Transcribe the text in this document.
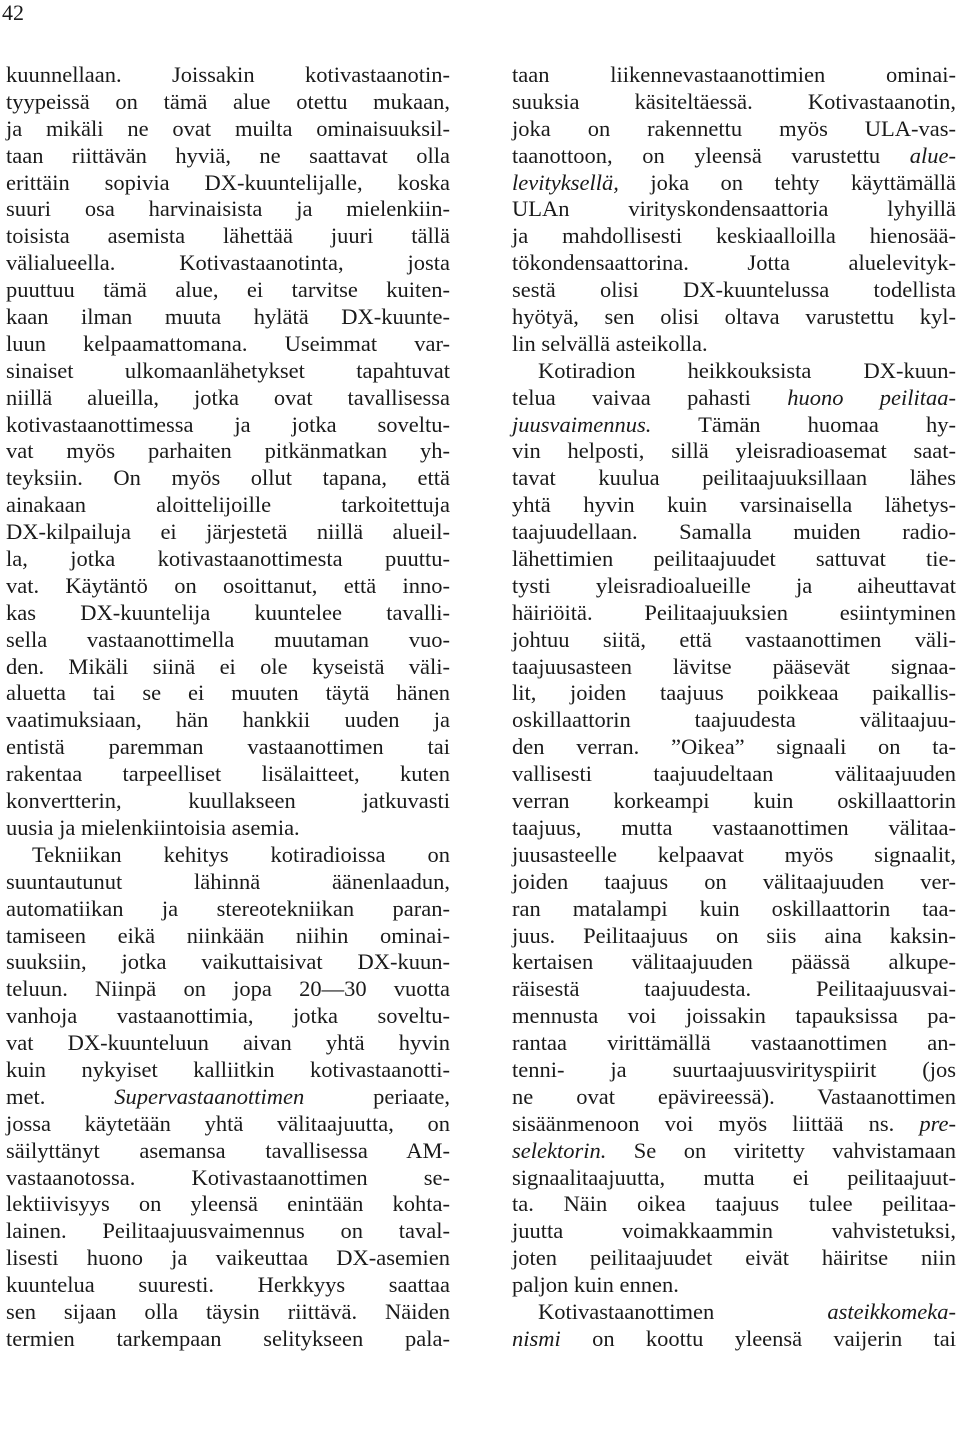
42
kuunnellaan. Joissakin kotivastaanotin-
tyypeissä on tämä alue otettu mukaan,
ja mikäli ne ovat muilta ominaisuuksil-
taan riittävän hyviä, ne saattavat olla
erittäin sopivia DX-kuuntelijalle, koska
suuri osa harvinaisista ja mielenkiin-
toisista asemista lähettää juuri tällä
välialueella. Kotivastaanotinta, josta
puuttuu tämä alue, ei tarvitse kuiten-
kaan ilman muuta hylätä DX-kuunte-
luun kelpaamattomana. Useimmat var-
sinaiset ulkomaanlähetykset tapahtuvat
niillä alueilla, jotka ovat tavallisessa
kotivastaanottimessa ja jotka soveltu-
vat myös parhaiten pitkänmatkan yh-
teyksiin. On myös ollut tapana, että
ainakaan aloittelijoille tarkoitettuja
DX-kilpailuja ei järjestetä niillä alueil-
la, jotka kotivastaanottimesta puuttu-
vat. Käytäntö on osoittanut, että inno-
kas DX-kuuntelija kuuntelee tavalli-
sella vastaanottimella muutaman vuo-
den. Mikäli siinä ei ole kyseistä väli-
aluetta tai se ei muuten täytä hänen
vaatimuksiaan, hän hankkii uuden ja
entistä paremman vastaanottimen tai
rakentaa tarpeelliset lisälaitteet, kuten
konvertterin, kuullakseen jatkuvasti
uusia ja mielenkiintoisia asemia.
Tekniikan kehitys kotiradioissa on
suuntautunut lähinnä äänenlaadun,
automatiikan ja stereotekniikan paran-
tamiseen eikä niinkään niihin ominai-
suuksiin, jotka vaikuttaisivat DX-kuun-
teluun. Niinpä on jopa 20—30 vuotta
vanhoja vastaanottimia, jotka soveltu-
vat DX-kuunteluun aivan yhtä hyvin
kuin nykyiset kalliitkin kotivastaanotti-
met. Supervastaanottimen periaate,
jossa käytetään yhtä välitaajuutta, on
säilyttänyt asemansa tavallisessa AM-
vastaanotossa. Kotivastaanottimen se-
lektiivisyys on yleensä enintään kohta-
lainen. Peilitaajuusvaimennus on taval-
lisesti huono ja vaikeuttaa DX-asemien
kuuntelua suuresti. Herkkyys saattaa
sen sijaan olla täysin riittävä. Näiden
termien tarkempaan selitykseen pala-
taan liikennevastaanottimien ominai-
suuksia käsiteltäessä. Kotivastaanotin,
joka on rakennettu myös ULA-vas-
taanottoon, on yleensä varustettu alue-
levityksellä, joka on tehty käyttämällä
ULAn virityskondensaattoria lyhyillä
ja mahdollisesti keskiaalloilla hienosää-
tökondensaattorina. Jotta aluelevityk-
sestä olisi DX-kuuntelussa todellista
hyötyä, sen olisi oltava varustettu kyl-
lin selvällä asteikolla.
Kotiradion heikkouksista DX-kuun-
telua vaivaa pahasti huono peilitaa-
juusvaimennus. Tämän huomaa hy-
vin helposti, sillä yleisradioasemat saat-
tavat kuulua peilitaajuuksillaan lähes
yhtä hyvin kuin varsinaisella lähetys-
taajuudellaan. Samalla muiden radio-
lähettimien peilitaajuudet sattuvat tie-
tysti yleisradioalueille ja aiheuttavat
häiriöitä. Peilitaajuuksien esiintyminen
johtuu siitä, että vastaanottimen väli-
taajuusasteen lävitse pääsevät signaa-
lit, joiden taajuus poikkeaa paikallis-
oskillaattorin taajuudesta välitaajuu-
den verran. ”Oikea” signaali on ta-
vallisesti taajuudeltaan välitaajuuden
verran korkeampi kuin oskillaattorin
taajuus, mutta vastaanottimen välitaa-
juusasteelle kelpaavat myös signaalit,
joiden taajuus on välitaajuuden ver-
ran matalampi kuin oskillaattorin taa-
juus. Peilitaajuus on siis aina kaksin-
kertaisen välitaajuuden päässä alkupe-
räisestä taajuudesta. Peilitaajuusvai-
mennusta voi joissakin tapauksissa pa-
rantaa virittämällä vastaanottimen an-
tenni- ja suurtaajuusvirityspiirit (jos
ne ovat epävireessä). Vastaanottimen
sisäänmenoon voi myös liittää ns. pre-
selektorin. Se on viritetty vahvistamaan
signaalitaajuutta, mutta ei peilitaajuut-
ta. Näin oikea taajuus tulee peilitaa-
juutta voimakkaammin vahvistetuksi,
joten peilitaajuudet eivät häiritse niin
paljon kuin ennen.
Kotivastaanottimen asteikkomeka-
nismi on koottu yleensä vaijerin tai
